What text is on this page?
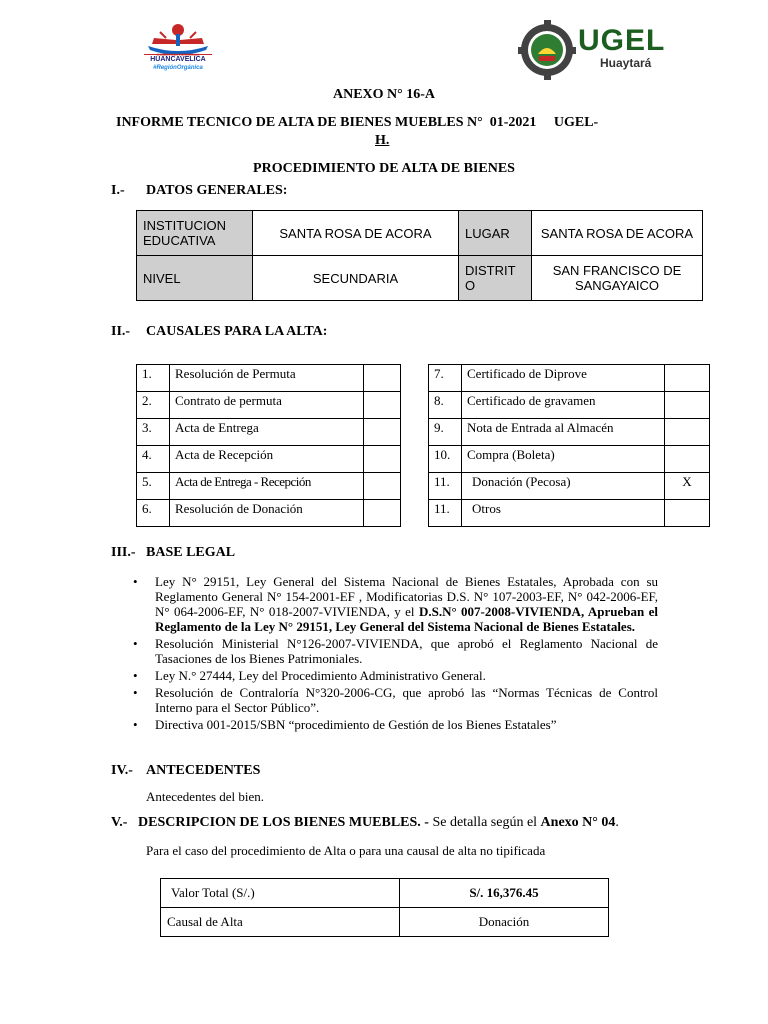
GOBIERNO REGIONAL
HUANCAVELICA
#RegiónOrgánica
UGEL
Huaytará
ANEXO N° 16-A
INFORME TECNICO DE ALTA DE BIENES MUEBLES N°  01-2021     UGEL-
H.
PROCEDIMIENTO DE ALTA DE BIENES
I.- DATOS GENERALES:
INSTITUCION EDUCATIVA	SANTA ROSA DE ACORA	LUGAR	SANTA ROSA DE ACORA
NIVEL	SECUNDARIA	DISTRITO	SAN FRANCISCO DE SANGAYAICO
II.- CAUSALES PARA LA ALTA:
1.	Resolución de Permuta	
2.	Contrato de permuta	
3.	Acta de Entrega	
4.	Acta de Recepción	
5.	Acta de Entrega - Recepción	
6.	Resolución de Donación	
7.	Certificado de Diprove	
8.	Certificado de gravamen	
9.	Nota de Entrada al Almacén	
10.	Compra (Boleta)	
11.	Donación (Pecosa)	X
11.	Otros	
III.- BASE LEGAL
• Ley N° 29151, Ley General del Sistema Nacional de Bienes Estatales, Aprobada con su Reglamento General N° 154-2001-EF , Modificatorias D.S. N° 107-2003-EF, N° 042-2006-EF, N° 064-2006-EF, N° 018-2007-VIVIENDA, y el D.S.N° 007-2008-VIVIENDA, Aprueban el Reglamento de la Ley N° 29151, Ley General del Sistema Nacional de Bienes Estatales.
• Resolución Ministerial N°126-2007-VIVIENDA, que aprobó el Reglamento Nacional de Tasaciones de los Bienes Patrimoniales.
• Ley N.° 27444, Ley del Procedimiento Administrativo General.
• Resolución de Contraloría N°320-2006-CG, que aprobó las “Normas Técnicas de Control Interno para el Sector Público”.
• Directiva 001-2015/SBN “procedimiento de Gestión de los Bienes Estatales”
IV.- ANTECEDENTES
Antecedentes del bien.
V.- DESCRIPCION DE LOS BIENES MUEBLES. - Se detalla según el Anexo N° 04.
Para el caso del procedimiento de Alta o para una causal de alta no tipificada
Valor Total (S/.)	S/. 16,376.45
Causal de Alta	Donación
